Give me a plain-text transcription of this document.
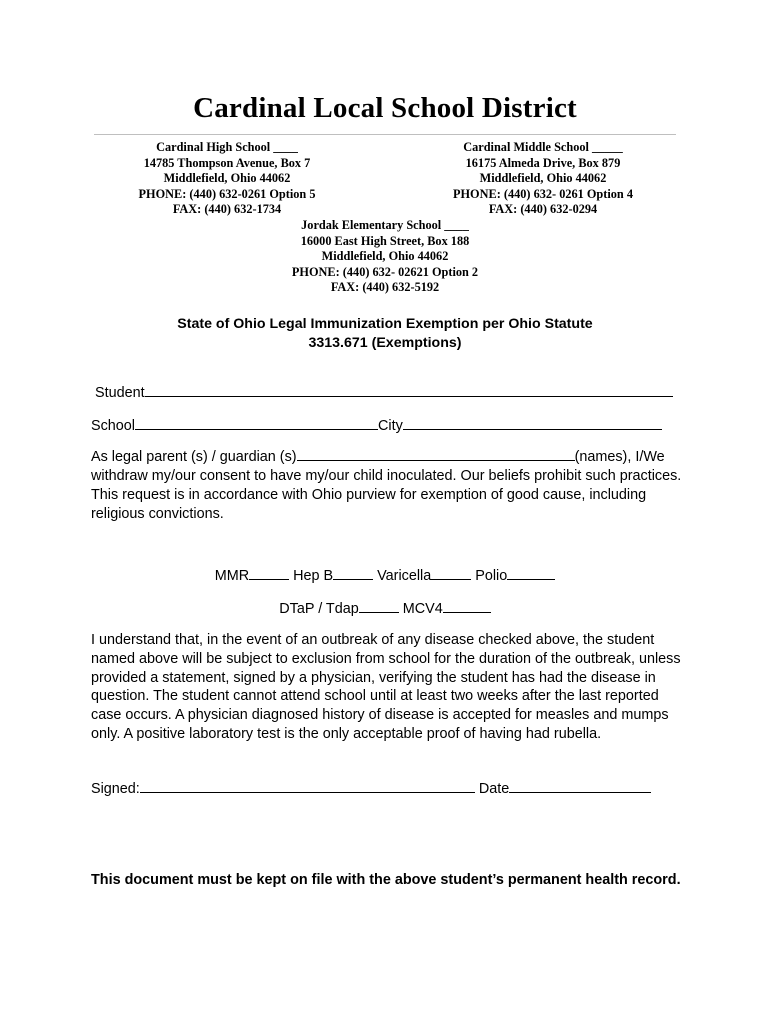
Cardinal Local School District
Cardinal High School ____
14785 Thompson Avenue, Box 7
Middlefield, Ohio 44062
PHONE: (440) 632-0261 Option 5
FAX: (440) 632-1734
Cardinal Middle School _____
16175 Almeda Drive, Box 879
Middlefield, Ohio 44062
PHONE: (440) 632- 0261 Option 4
FAX: (440) 632-0294
Jordak Elementary School ____
16000 East High Street, Box 188
Middlefield, Ohio 44062
PHONE: (440) 632- 02621 Option 2
FAX: (440) 632-5192
State of Ohio Legal Immunization Exemption per Ohio Statute
3313.671 (Exemptions)
Student
School	City
As legal parent (s) / guardian (s)	(names), I/We withdraw my/our consent to have my/our child inoculated. Our beliefs prohibit such practices. This request is in accordance with Ohio purview for exemption of good cause, including religious convictions.
MMR	Hep B	Varicella	Polio
DTaP / Tdap	MCV4
I understand that, in the event of an outbreak of any disease checked above, the student named above will be subject to exclusion from school for the duration of the outbreak, unless provided a statement, signed by a physician, verifying the student has had the disease in question. The student cannot attend school until at least two weeks after the last reported case occurs. A physician diagnosed history of disease is accepted for measles and mumps only. A positive laboratory test is the only acceptable proof of having had rubella.
Signed:	Date
This document must be kept on file with the above student’s permanent health record.
